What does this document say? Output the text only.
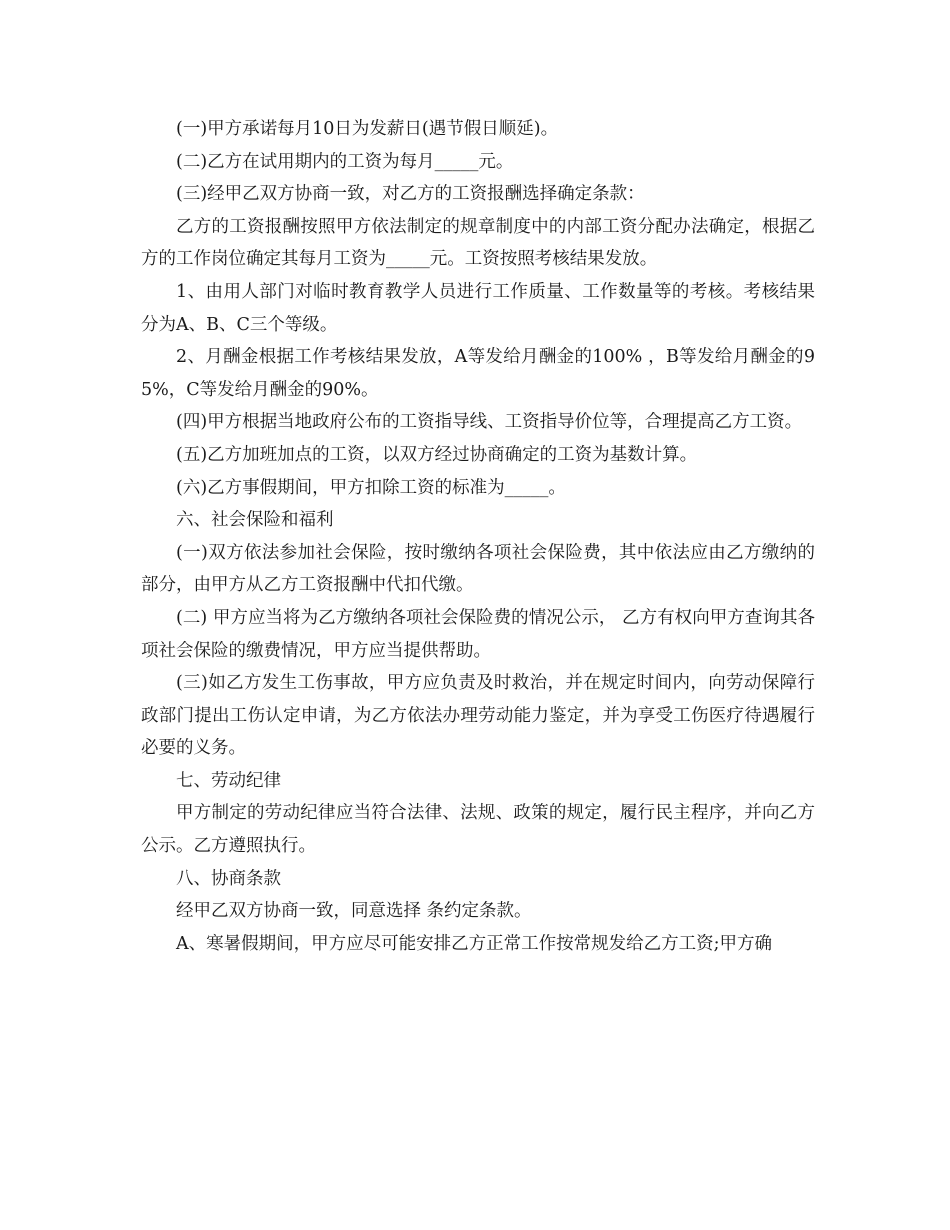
(一)甲方承诺每月10日为发薪日(遇节假日顺延)。

(二)乙方在试用期内的工资为每月_____元。

(三)经甲乙双方协商一致，对乙方的工资报酬选择确定条款：

乙方的工资报酬按照甲方依法制定的规章制度中的内部工资分配办法确定，根据乙方的工作岗位确定其每月工资为_____元。工资按照考核结果发放。

1、由用人部门对临时教育教学人员进行工作质量、工作数量等的考核。考核结果分为A、B、C三个等级。

2、月酬金根据工作考核结果发放，A等发给月酬金的100% ，B等发给月酬金的95%，C等发给月酬金的90%。

(四)甲方根据当地政府公布的工资指导线、工资指导价位等，合理提高乙方工资。

(五)乙方加班加点的工资，以双方经过协商确定的工资为基数计算。

(六)乙方事假期间，甲方扣除工资的标准为_____。

六、社会保险和福利

(一)双方依法参加社会保险，按时缴纳各项社会保险费，其中依法应由乙方缴纳的部分，由甲方从乙方工资报酬中代扣代缴。

(二) 甲方应当将为乙方缴纳各项社会保险费的情况公示， 乙方有权向甲方查询其各项社会保险的缴费情况，甲方应当提供帮助。

(三)如乙方发生工伤事故，甲方应负责及时救治，并在规定时间内，向劳动保障行政部门提出工伤认定申请，为乙方依法办理劳动能力鉴定，并为享受工伤医疗待遇履行必要的义务。

七、劳动纪律

甲方制定的劳动纪律应当符合法律、法规、政策的规定，履行民主程序，并向乙方公示。乙方遵照执行。

八、协商条款

经甲乙双方协商一致，同意选择 条约定条款。

A、寒暑假期间，甲方应尽可能安排乙方正常工作按常规发给乙方工资;甲方确
